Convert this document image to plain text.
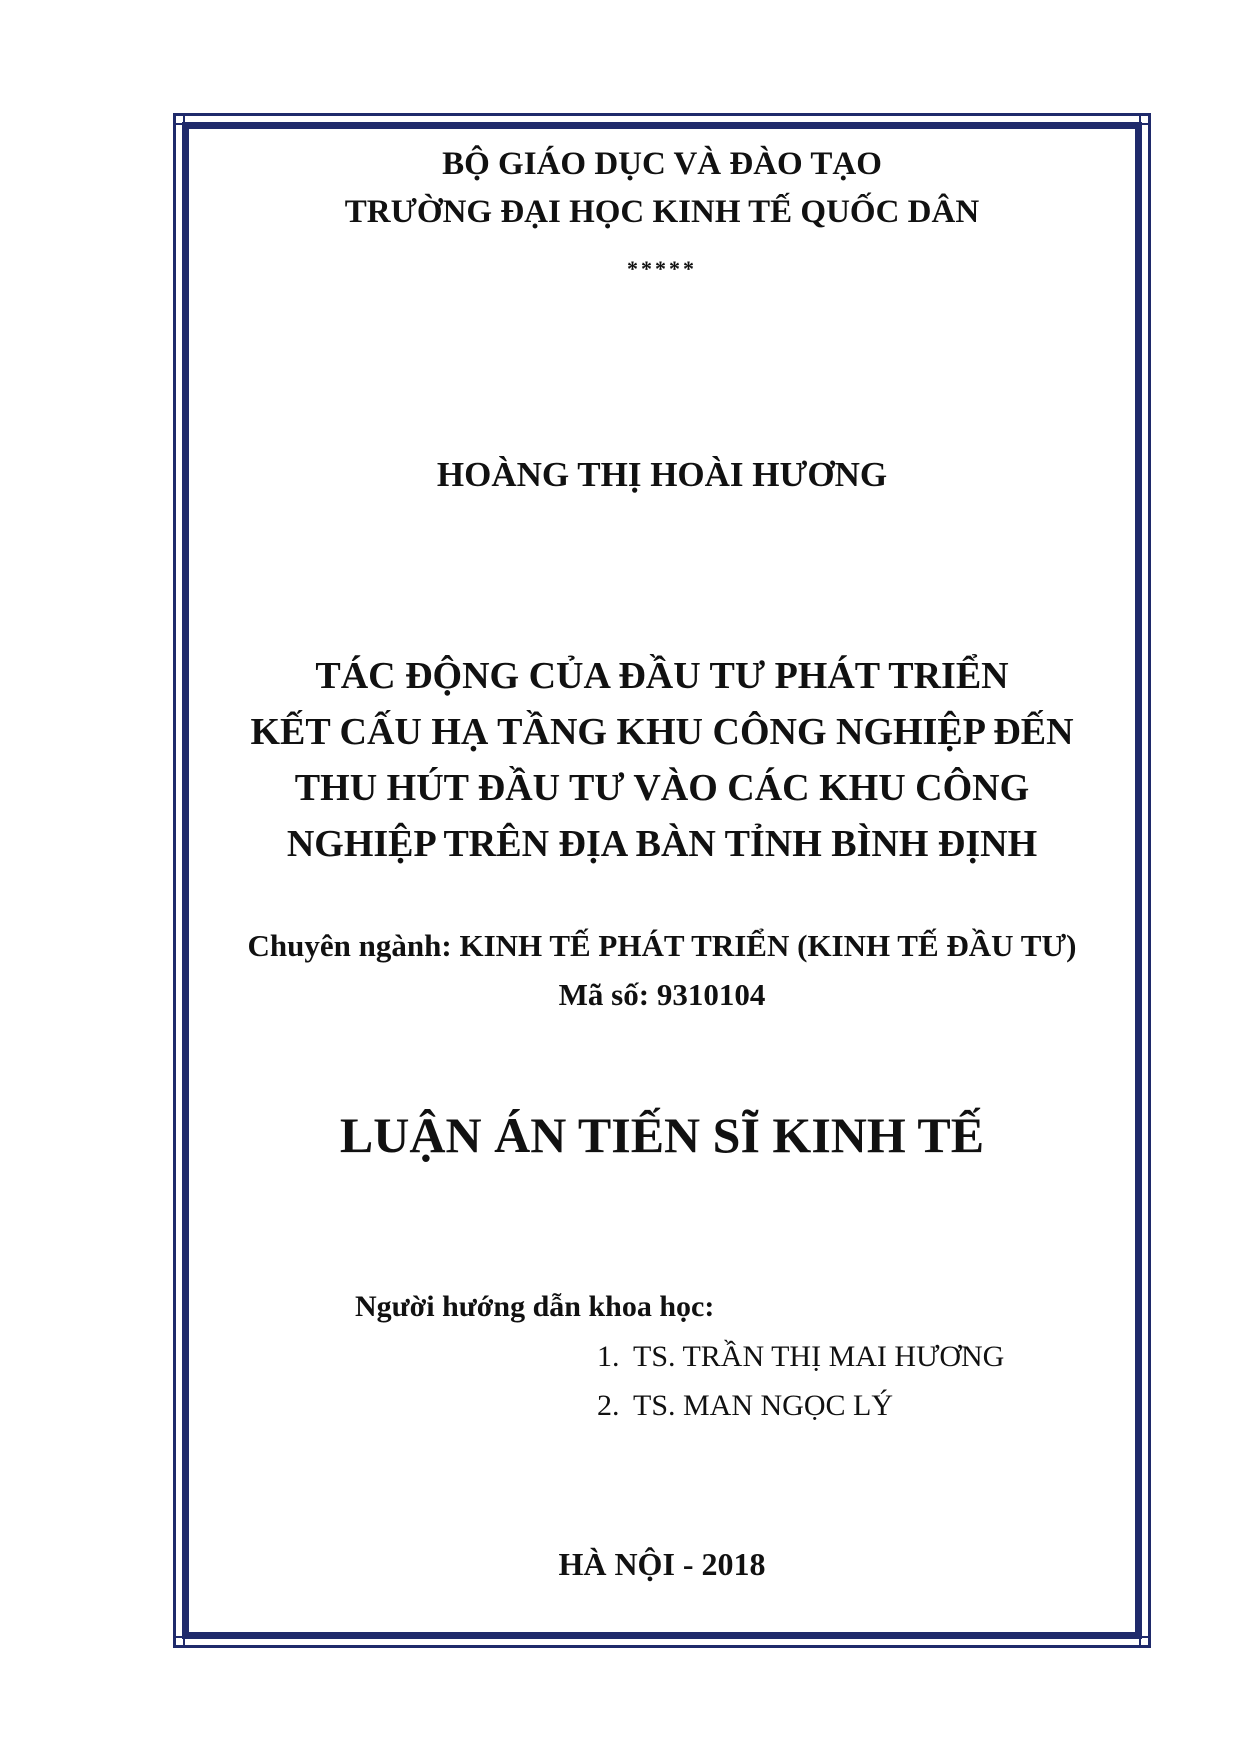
BỘ GIÁO DỤC VÀ ĐÀO TẠO
TRƯỜNG ĐẠI HỌC KINH TẾ QUỐC DÂN
*****
HOÀNG THỊ HOÀI HƯƠNG
TÁC ĐỘNG CỦA ĐẦU TƯ PHÁT TRIỂN
KẾT CẤU HẠ TẦNG KHU CÔNG NGHIỆP ĐẾN
THU HÚT ĐẦU TƯ VÀO CÁC KHU CÔNG
NGHIỆP TRÊN ĐỊA BÀN TỈNH BÌNH ĐỊNH
Chuyên ngành: KINH TẾ PHÁT TRIỂN (KINH TẾ ĐẦU TƯ)
Mã số: 9310104
LUẬN ÁN TIẾN SĨ KINH TẾ
Người hướng dẫn khoa học:
1. TS. TRẦN THỊ MAI HƯƠNG
2. TS. MAN NGỌC LÝ
HÀ NỘI - 2018
